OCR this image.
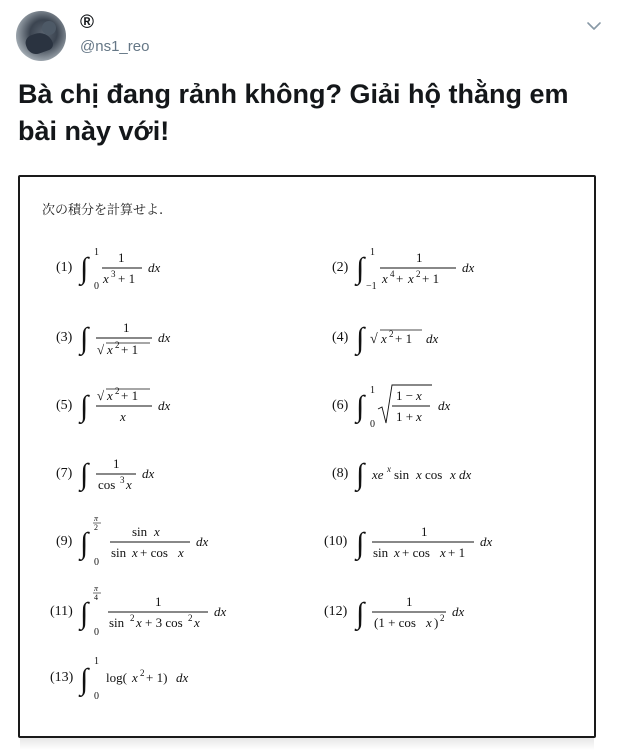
®
@ns1_reo

Bà chị đang rảnh không? Giải hộ thằng em bài này với!

次の積分を計算せよ.
(1) ∫ 1
0
1
x 3 + 1
dx	(2) ∫ 1
−1
1
x 4 + x 2 + 1
dx
(3) ∫	1
√ x 2 + 1
dx	(4) ∫ √ x 2 + 1 dx
(5) ∫ √ x 2 + 1
x
dx	(6) ∫ 1
0
1 − x
1 + x
dx
(7) ∫ 1
cos 3 x
dx	(8) ∫ xe x sin x cos x dx
(9) ∫
π
2
0
sin x
sin x + cos x
dx	(10) ∫	1
sin x + cos x + 1
dx
(11) ∫
π
4
0
1
sin 2 x + 3 cos 2 x
dx	(12) ∫	1
(1 + cos x ) 2 dx
(13) ∫
1
0
log( x 2 + 1) dx
